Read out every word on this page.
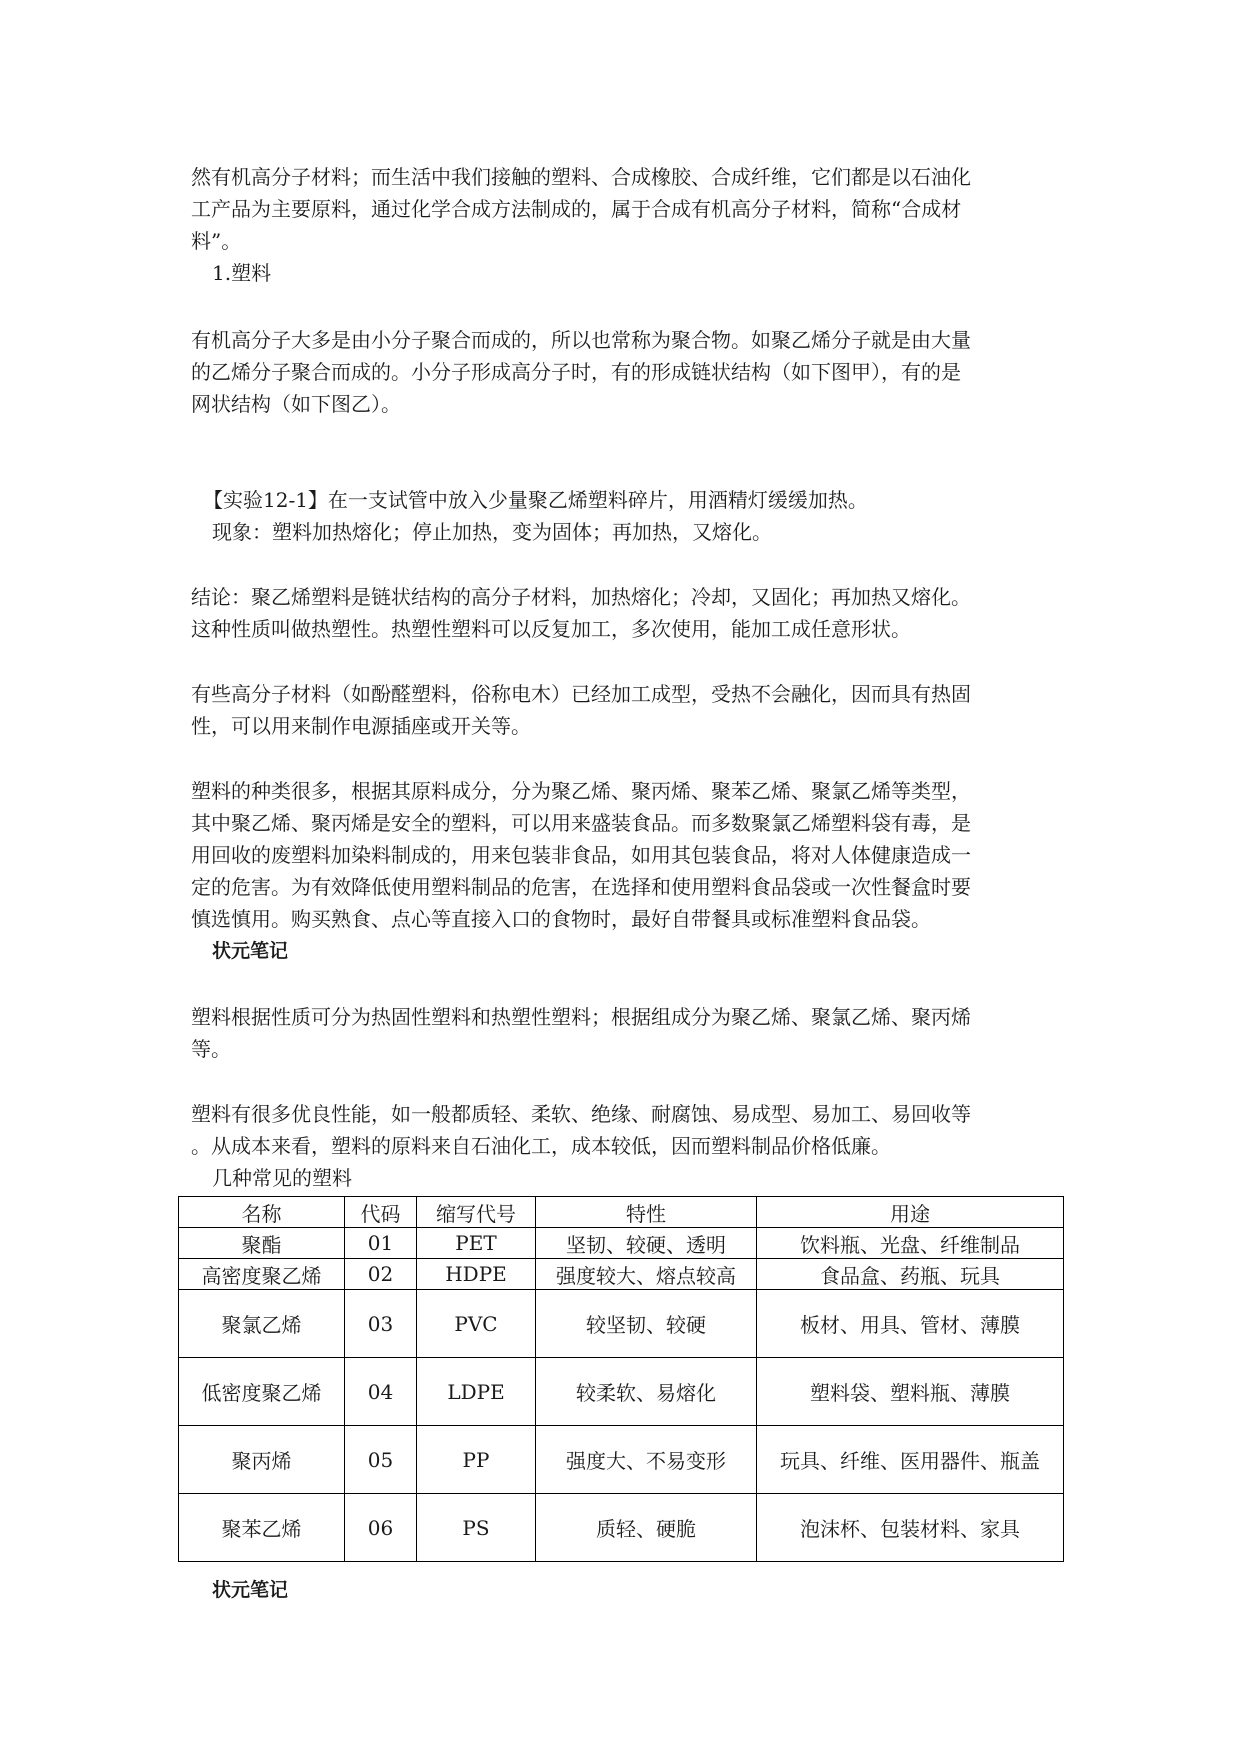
然有机高分子材料；而生活中我们接触的塑料、合成橡胶、合成纤维，它们都是以石油化

工产品为主要原料，通过化学合成方法制成的，属于合成有机高分子材料，简称“合成材

料”。

1.塑料

有机高分子大多是由小分子聚合而成的，所以也常称为聚合物。如聚乙烯分子就是由大量

的乙烯分子聚合而成的。小分子形成高分子时，有的形成链状结构（如下图甲），有的是

网状结构（如下图乙）。

【实验12-1】在一支试管中放入少量聚乙烯塑料碎片，用酒精灯缓缓加热。

现象：塑料加热熔化；停止加热，变为固体；再加热，又熔化。

结论：聚乙烯塑料是链状结构的高分子材料，加热熔化；冷却，又固化；再加热又熔化。

这种性质叫做热塑性。热塑性塑料可以反复加工，多次使用，能加工成任意形状。

有些高分子材料（如酚醛塑料，俗称电木）已经加工成型，受热不会融化，因而具有热固

性，可以用来制作电源插座或开关等。

塑料的种类很多，根据其原料成分，分为聚乙烯、聚丙烯、聚苯乙烯、聚氯乙烯等类型，

其中聚乙烯、聚丙烯是安全的塑料，可以用来盛装食品。而多数聚氯乙烯塑料袋有毒，是

用回收的废塑料加染料制成的，用来包装非食品，如用其包装食品，将对人体健康造成一

定的危害。为有效降低使用塑料制品的危害，在选择和使用塑料食品袋或一次性餐盒时要

慎选慎用。购买熟食、点心等直接入口的食物时，最好自带餐具或标准塑料食品袋。

状元笔记

塑料根据性质可分为热固性塑料和热塑性塑料；根据组成分为聚乙烯、聚氯乙烯、聚丙烯

等。

塑料有很多优良性能，如一般都质轻、柔软、绝缘、耐腐蚀、易成型、易加工、易回收等

。从成本来看，塑料的原料来自石油化工，成本较低，因而塑料制品价格低廉。

几种常见的塑料

名称	代码	缩写代号	特性	用途
聚酯	01	PET	坚韧、较硬、透明	饮料瓶、光盘、纤维制品
高密度聚乙烯	02	HDPE	强度较大、熔点较高	食品盒、药瓶、玩具
聚氯乙烯	03	PVC	较坚韧、较硬	板材、用具、管材、薄膜
低密度聚乙烯	04	LDPE	较柔软、易熔化	塑料袋、塑料瓶、薄膜
聚丙烯	05	PP	强度大、不易变形	玩具、纤维、医用器件、瓶盖
聚苯乙烯	06	PS	质轻、硬脆	泡沫杯、包装材料、家具

状元笔记
